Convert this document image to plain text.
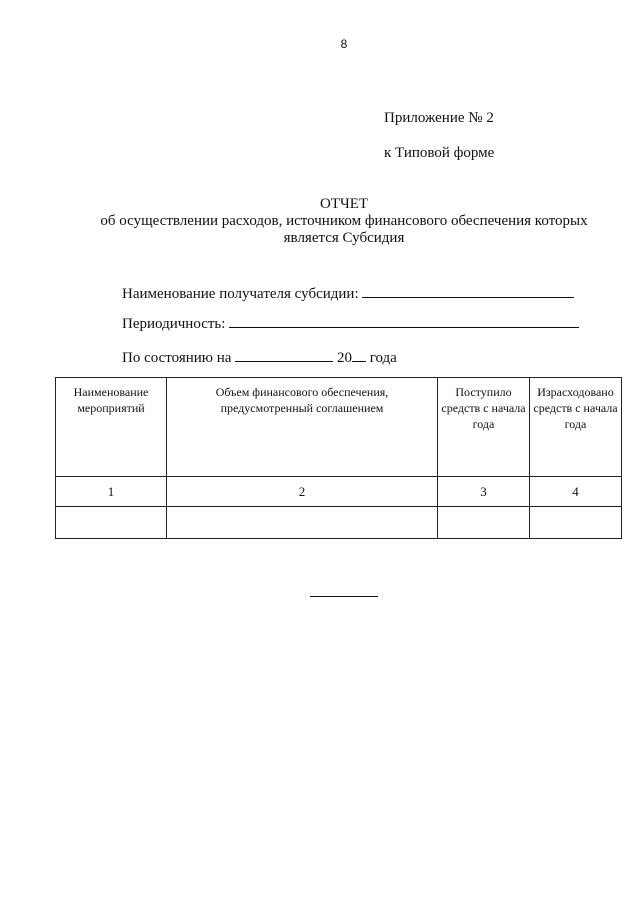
8
Приложение № 2
к Типовой форме
ОТЧЕТ
об осуществлении расходов, источником финансового обеспечения которых
является Субсидия
Наименование получателя субсидии:
Периодичность:
По состоянию на	20 года
Наименование мероприятий	Объем финансового обеспечения, предусмотренный соглашением	Поступило средств с начала года	Израсходовано средств с начала года
1	2	3	4
